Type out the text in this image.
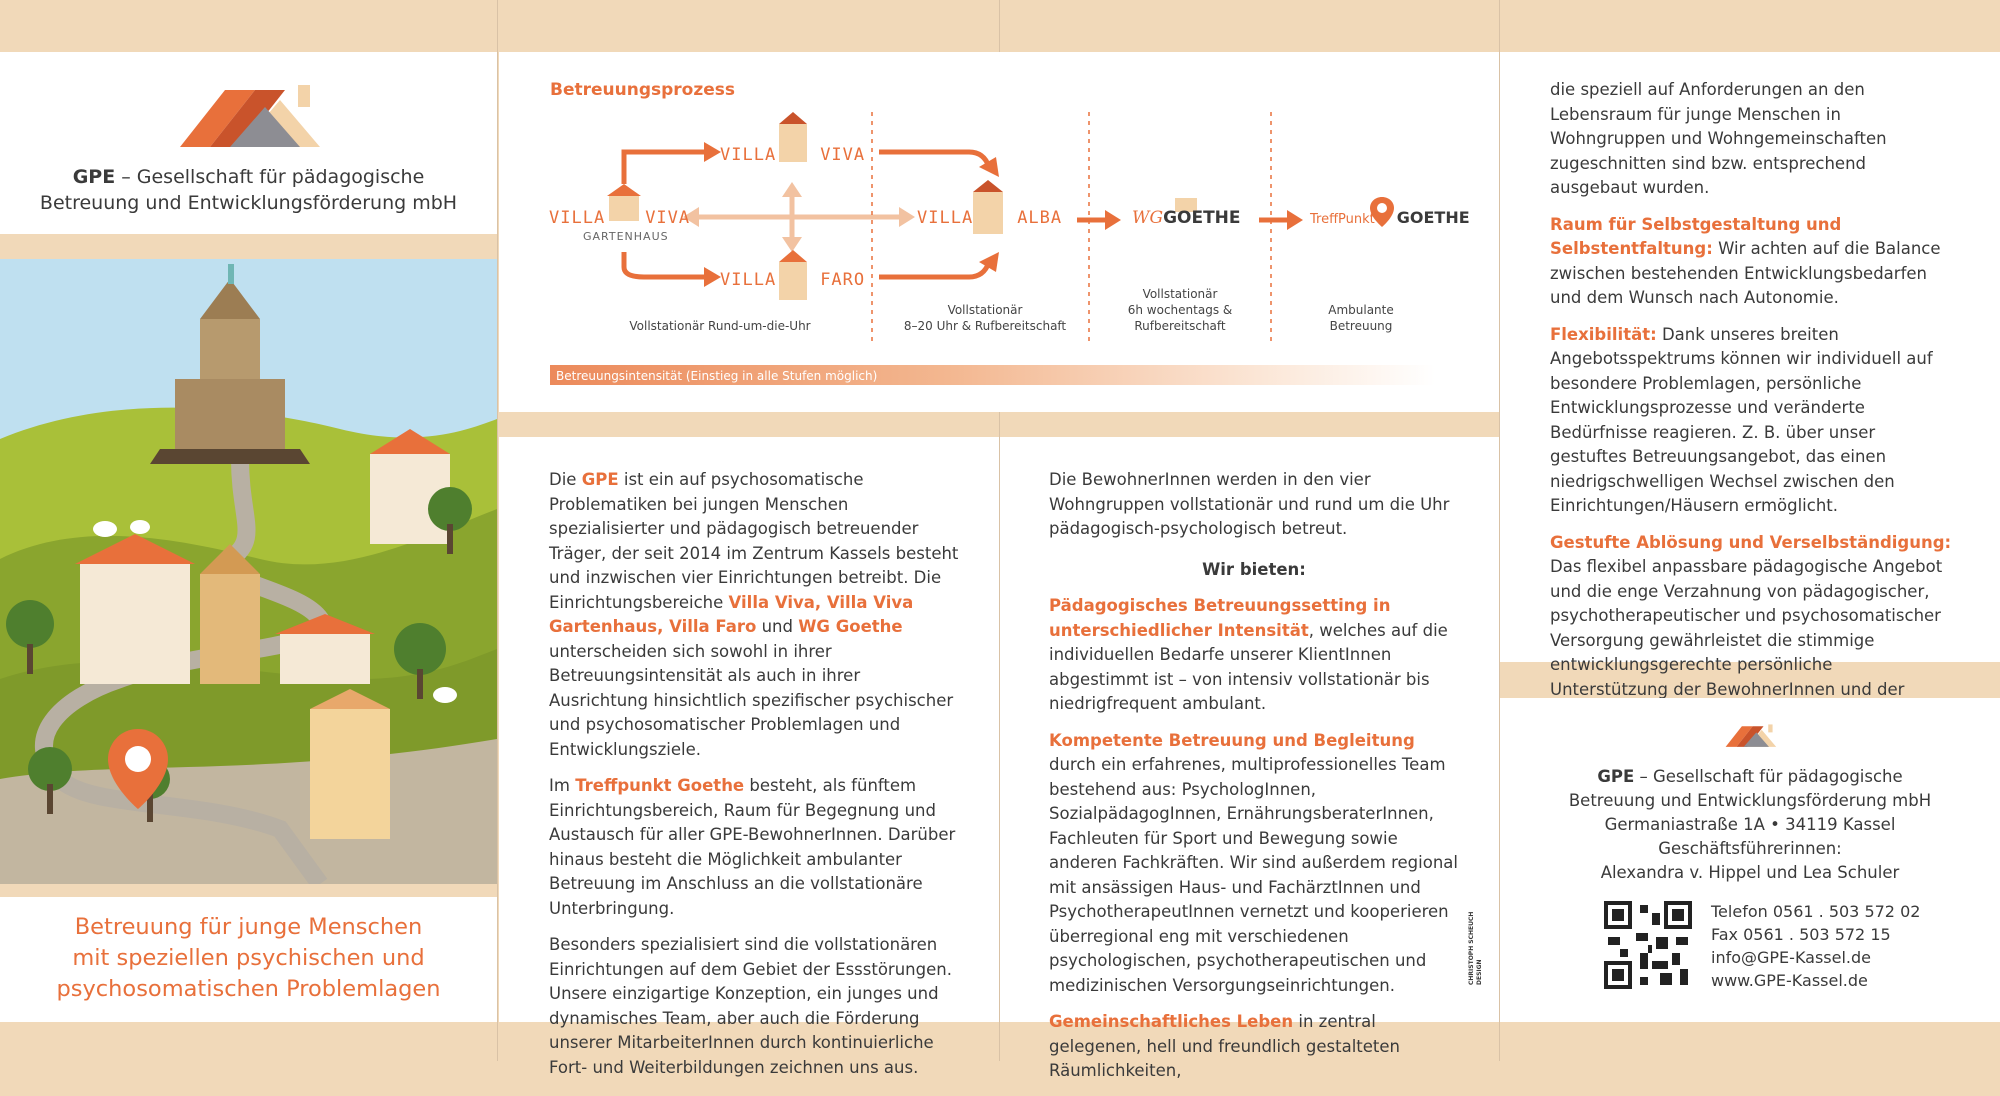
GPE – Gesellschaft für pädagogische
Betreuung und Entwicklungsförderung mbH
Betreuung für junge Menschen
mit speziellen psychischen und
psychosomatischen Problemlagen
Betreuungsprozess
VILLA	VIVA
VILLA VIVA
GARTENHAUS
VILLA	FARO
VILLA	ALBA	WGGOETHE	TreffPunkt GOETHE
Vollstationär Rund-um-die-Uhr
Vollstationär
8–20 Uhr & Rufbereitschaft
Vollstationär
6h wochentags &
Rufbereitschaft
Ambulante
Betreuung
Betreuungsintensität (Einstieg in alle Stufen möglich)

Die GPE ist ein auf psychosomatische Problematiken bei jungen Menschen spezialisierter und pädagogisch betreuender Träger, der seit 2014 im Zentrum Kassels besteht und inzwischen vier Einrichtungen betreibt. Die Einrichtungsbereiche Villa Viva, Villa Viva Gartenhaus, Villa Faro und WG Goethe unterscheiden sich sowohl in ihrer Betreuungsintensität als auch in ihrer Ausrichtung hinsichtlich spezifischer psychischer und psychosomatischer Problemlagen und Entwicklungsziele.

Im Treffpunkt Goethe besteht, als fünftem Einrichtungsbereich, Raum für Begegnung und Austausch für aller GPE-BewohnerInnen. Darüber hinaus besteht die Möglichkeit ambulanter Betreuung im Anschluss an die vollstationäre Unterbringung.

Besonders spezialisiert sind die vollstationären Einrichtungen auf dem Gebiet der Essstörungen. Unsere einzigartige Konzeption, ein junges und dynamisches Team, aber auch die Förderung unserer MitarbeiterInnen durch kontinuierliche Fort- und Weiterbildungen zeichnen uns aus.

Die BewohnerInnen werden in den vier Wohngruppen vollstationär und rund um die Uhr pädagogisch-psychologisch betreut.

Wir bieten:

Pädagogisches Betreuungssetting in unterschiedlicher Intensität, welches auf die individuellen Bedarfe unserer KlientInnen abgestimmt ist – von intensiv vollstationär bis niedrigfrequent ambulant.

Kompetente Betreuung und Begleitung durch ein erfahrenes, multiprofessionelles Team bestehend aus: PsychologInnen, SozialpädagogInnen, ErnährungsberaterInnen, Fachleuten für Sport und Bewegung sowie anderen Fachkräften. Wir sind außerdem regional mit ansässigen Haus- und FachärztInnen und PsychotherapeutInnen vernetzt und kooperieren überregional eng mit verschiedenen psychologischen, psychotherapeutischen und medizinischen Versorgungseinrichtungen.

Gemeinschaftliches Leben in zentral gelegenen, hell und freundlich gestalteten Räumlichkeiten,

CHRISTOPH SCHEUCH
DESIGN

die speziell auf Anforderungen an den Lebensraum für junge Menschen in Wohngruppen und Wohngemeinschaften zugeschnitten sind bzw. entsprechend ausgebaut wurden.

Raum für Selbstgestaltung und Selbstentfaltung: Wir achten auf die Balance zwischen bestehenden Entwicklungsbedarfen und dem Wunsch nach Autonomie.

Flexibilität: Dank unseres breiten Angebotsspektrums können wir individuell auf besondere Problemlagen, persönliche Entwicklungsprozesse und veränderte Bedürfnisse reagieren. Z. B. über unser gestuftes Betreuungsangebot, das einen niedrigschwelligen Wechsel zwischen den Einrichtungen/Häusern ermöglicht.

Gestufte Ablösung und Verselbständigung: Das flexibel anpassbare pädagogische Angebot und die enge Verzahnung von pädagogischer, psychotherapeutischer und psychosomatischer Versorgung gewährleistet die stimmige entwicklungsgerechte persönliche Unterstützung der BewohnerInnen und der

GPE – Gesellschaft für pädagogische
Betreuung und Entwicklungsförderung mbH
Germaniastraße 1A • 34119 Kassel
Geschäftsführerinnen:
Alexandra v. Hippel und Lea Schuler
Telefon 0561 . 503 572 02
Fax 0561 . 503 572 15
info@GPE-Kassel.de
www.GPE-Kassel.de
